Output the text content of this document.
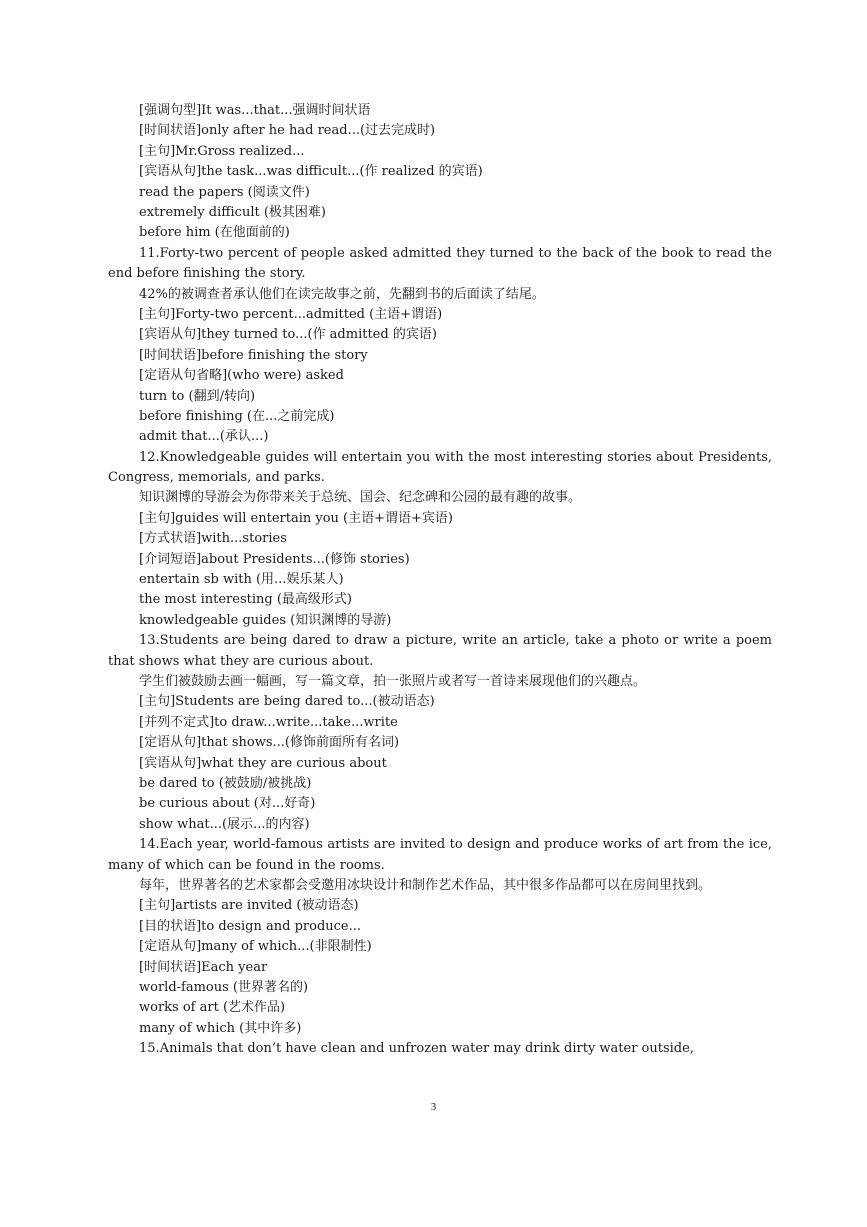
[强调句型]It was...that...强调时间状语
[时间状语]only after he had read...(过去完成时)
[主句]Mr.Gross realized...
[宾语从句]the task...was difficult...(作 realized 的宾语)
read the papers (阅读文件)
extremely difficult (极其困难)
before him (在他面前的)
11.Forty-two percent of people asked admitted they turned to the back of the book to read the end before finishing the story.
42%的被调查者承认他们在读完故事之前，先翻到书的后面读了结尾。
[主句]Forty-two percent...admitted (主语+谓语)
[宾语从句]they turned to...(作 admitted 的宾语)
[时间状语]before finishing the story
[定语从句省略](who were) asked
turn to (翻到/转向)
before finishing (在...之前完成)
admit that...(承认...)
12.Knowledgeable guides will entertain you with the most interesting stories about Presidents, Congress, memorials, and parks.
知识渊博的导游会为你带来关于总统、国会、纪念碑和公园的最有趣的故事。
[主句]guides will entertain you (主语+谓语+宾语)
[方式状语]with...stories
[介词短语]about Presidents...(修饰 stories)
entertain sb with (用...娱乐某人)
the most interesting (最高级形式)
knowledgeable guides (知识渊博的导游)
13.Students are being dared to draw a picture, write an article, take a photo or write a poem that shows what they are curious about.
学生们被鼓励去画一幅画，写一篇文章，拍一张照片或者写一首诗来展现他们的兴趣点。
[主句]Students are being dared to...(被动语态)
[并列不定式]to draw...write...take...write
[定语从句]that shows...(修饰前面所有名词)
[宾语从句]what they are curious about
be dared to (被鼓励/被挑战)
be curious about (对...好奇)
show what...(展示...的内容)
14.Each year, world-famous artists are invited to design and produce works of art from the ice, many of which can be found in the rooms.
每年，世界著名的艺术家都会受邀用冰块设计和制作艺术作品，其中很多作品都可以在房间里找到。
[主句]artists are invited (被动语态)
[目的状语]to design and produce...
[定语从句]many of which...(非限制性)
[时间状语]Each year
world-famous (世界著名的)
works of art (艺术作品)
many of which (其中许多)
15.Animals that don’t have clean and unfrozen water may drink dirty water outside,
3
